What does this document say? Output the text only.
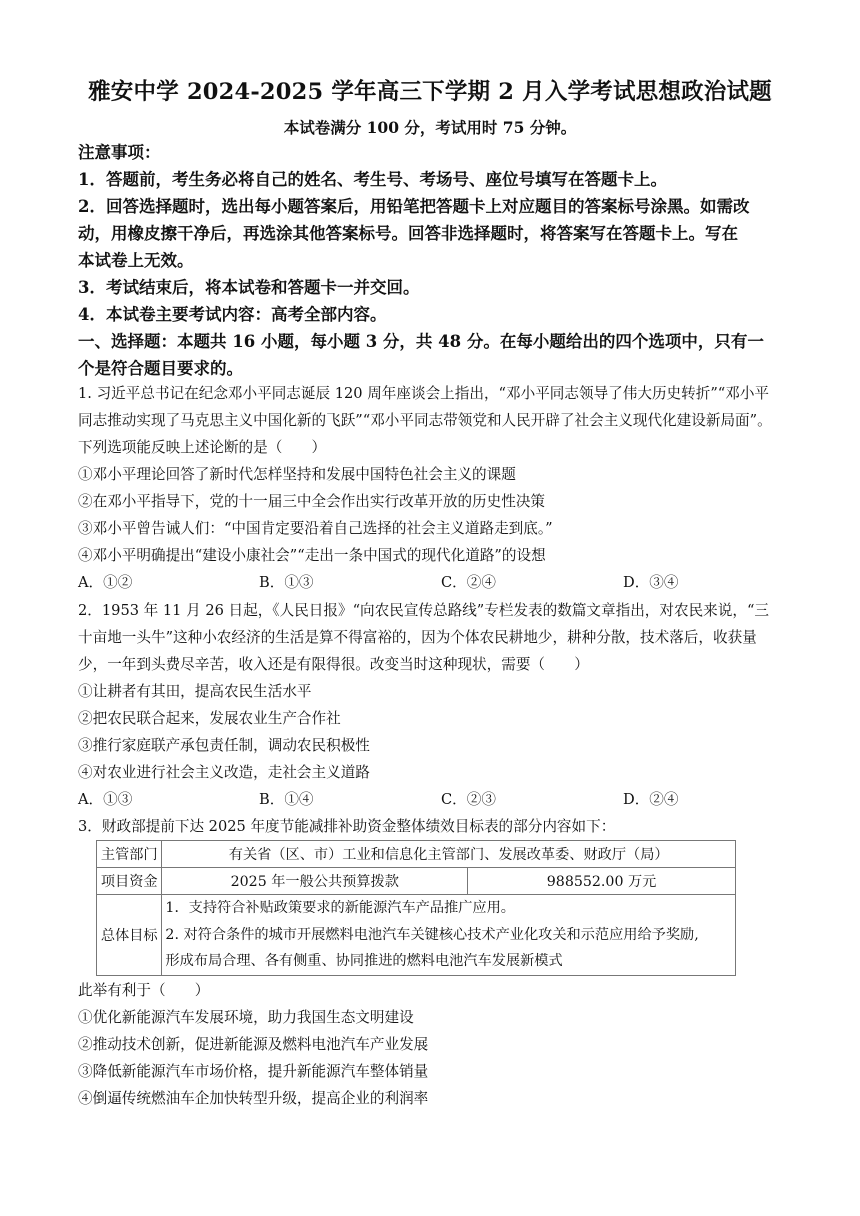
雅安中学 2024-2025 学年高三下学期 2 月入学考试思想政治试题
本试卷满分 100 分，考试用时 75 分钟。
注意事项：
1．答题前，考生务必将自己的姓名、考生号、考场号、座位号填写在答题卡上。
2．回答选择题时，选出每小题答案后，用铅笔把答题卡上对应题目的答案标号涂黑。如需改
动，用橡皮擦干净后，再选涂其他答案标号。回答非选择题时，将答案写在答题卡上。写在
本试卷上无效。
3．考试结束后，将本试卷和答题卡一并交回。
4．本试卷主要考试内容：高考全部内容。
一、选择题：本题共 16 小题，每小题 3 分，共 48 分。在每小题给出的四个选项中，只有一
个是符合题目要求的。
1. 习近平总书记在纪念邓小平同志诞辰 120 周年座谈会上指出，“邓小平同志领导了伟大历史转折”“邓小平
同志推动实现了马克思主义中国化新的飞跃”“邓小平同志带领党和人民开辟了社会主义现代化建设新局面”。
下列选项能反映上述论断的是（　　）
①邓小平理论回答了新时代怎样坚持和发展中国特色社会主义的课题
②在邓小平指导下，党的十一届三中全会作出实行改革开放的历史性决策
③邓小平曾告诫人们：“中国肯定要沿着自己选择的社会主义道路走到底。”
④邓小平明确提出“建设小康社会”“走出一条中国式的现代化道路”的设想
A．①②	B．①③	C．②④	D．③④
2．1953 年 11 月 26 日起，《人民日报》“向农民宣传总路线”专栏发表的数篇文章指出，对农民来说，“三
十亩地一头牛”这种小农经济的生活是算不得富裕的，因为个体农民耕地少，耕种分散，技术落后，收获量
少，一年到头费尽辛苦，收入还是有限得很。改变当时这种现状，需要（　　）
①让耕者有其田，提高农民生活水平
②把农民联合起来，发展农业生产合作社
③推行家庭联产承包责任制，调动农民积极性
④对农业进行社会主义改造，走社会主义道路
A．①③	B．①④	C．②③	D．②④
3．财政部提前下达 2025 年度节能减排补助资金整体绩效目标表的部分内容如下：
主管部门	有关省（区、市）工业和信息化主管部门、发展改革委、财政厅（局）	
项目资金	2025 年一般公共预算拨款	988552.00 万元
总体目标	1．支持符合补贴政策要求的新能源汽车产品推广应用。
2. 对符合条件的城市开展燃料电池汽车关键核心技术产业化攻关和示范应用给予奖励,
形成布局合理、各有侧重、协同推进的燃料电池汽车发展新模式	
此举有利于（　　）
①优化新能源汽车发展环境，助力我国生态文明建设
②推动技术创新，促进新能源及燃料电池汽车产业发展
③降低新能源汽车市场价格，提升新能源汽车整体销量
④倒逼传统燃油车企加快转型升级，提高企业的利润率
